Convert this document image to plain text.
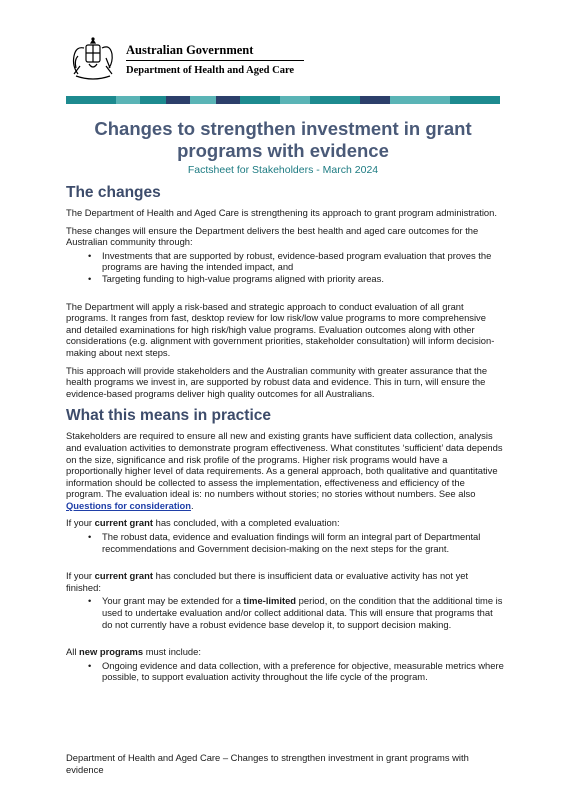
Australian Government
Department of Health and Aged Care
Changes to strengthen investment in grant programs with evidence
Factsheet for Stakeholders - March 2024
The changes

The Department of Health and Aged Care is strengthening its approach to grant program administration.

These changes will ensure the Department delivers the best health and aged care outcomes for the Australian community through:

• Investments that are supported by robust, evidence-based program evaluation that proves the programs are having the intended impact, and
• Targeting funding to high-value programs aligned with priority areas.

The Department will apply a risk-based and strategic approach to conduct evaluation of all grant programs. It ranges from fast, desktop review for low risk/low value programs to more comprehensive and detailed examinations for high risk/high value programs. Evaluation outcomes along with other considerations (e.g. alignment with government priorities, stakeholder consultation) will inform decision-making about next steps.

This approach will provide stakeholders and the Australian community with greater assurance that the health programs we invest in, are supported by robust data and evidence. This in turn, will ensure the evidence-based programs deliver high quality outcomes for all Australians.

What this means in practice

Stakeholders are required to ensure all new and existing grants have sufficient data collection, analysis and evaluation activities to demonstrate program effectiveness. What constitutes ‘sufficient’ data depends on the size, significance and risk profile of the programs. Higher risk programs would have a proportionally higher level of data requirements. As a general approach, both qualitative and quantitative information should be collected to assess the implementation, effectiveness and efficiency of the program. The evaluation ideal is: no numbers without stories; no stories without numbers. See also Questions for consideration.

If your current grant has concluded, with a completed evaluation:

• The robust data, evidence and evaluation findings will form an integral part of Departmental recommendations and Government decision-making on the next steps for the grant.

If your current grant has concluded but there is insufficient data or evaluative activity has not yet finished:

• Your grant may be extended for a time-limited period, on the condition that the additional time is used to undertake evaluation and/or collect additional data. This will ensure that programs that do not currently have a robust evidence base develop it, to support decision making.

All new programs must include:

• Ongoing evidence and data collection, with a preference for objective, measurable metrics where possible, to support evaluation activity throughout the life cycle of the program.
Department of Health and Aged Care – Changes to strengthen investment in grant programs with evidence
